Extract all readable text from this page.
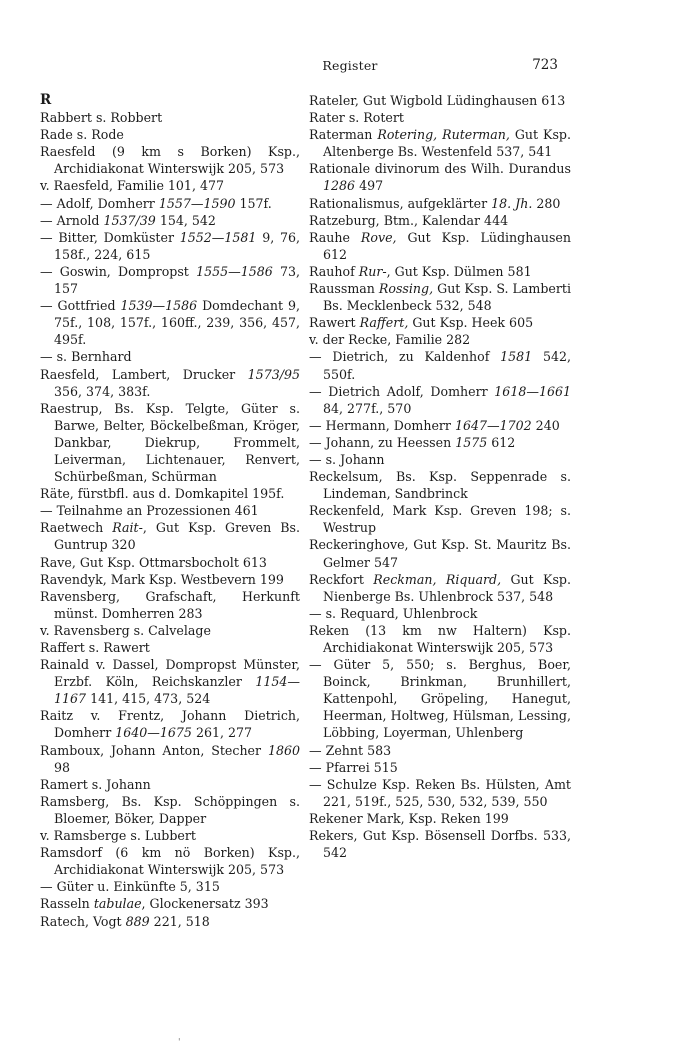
Register	723
R
Rabbert s. Robbert
Rade s. Rode
Raesfeld (9 km s Borken) Ksp., Archidiakonat Winterswijk 205, 573
v. Raesfeld, Familie 101, 477
— Adolf, Domherr 1557—1590 157f.
— Arnold 1537/39 154, 542
— Bitter, Domküster 1552—1581 9, 76, 158f., 224, 615
— Goswin, Dompropst 1555—1586 73, 157
— Gottfried 1539—1586 Domdechant 9, 75f., 108, 157f., 160ff., 239, 356, 457, 495f.
— s. Bernhard
Raesfeld, Lambert, Drucker 1573/95 356, 374, 383f.
Raestrup, Bs. Ksp. Telgte, Güter s. Barwe, Belter, Böckelbeßman, Kröger, Dankbar, Diekrup, Frommelt, Leiverman, Lichtenauer, Renvert, Schürbeßman, Schürman
Räte, fürstbfl. aus d. Domkapitel 195f.
— Teilnahme an Prozessionen 461
Raetwech Rait-, Gut Ksp. Greven Bs. Guntrup 320
Rave, Gut Ksp. Ottmarsbocholt 613
Ravendyk, Mark Ksp. Westbevern 199
Ravensberg, Grafschaft, Herkunft münst. Domherren 283
v. Ravensberg s. Calvelage
Raffert s. Rawert
Rainald v. Dassel, Dompropst Münster, Erzbf. Köln, Reichskanzler 1154—1167 141, 415, 473, 524
Raitz v. Frentz, Johann Dietrich, Domherr 1640—1675 261, 277
Ramboux, Johann Anton, Stecher 1860 98
Ramert s. Johann
Ramsberg, Bs. Ksp. Schöppingen s. Bloemer, Böker, Dapper
v. Ramsberge s. Lubbert
Ramsdorf (6 km nö Borken) Ksp., Archidiakonat Winterswijk 205, 573
— Güter u. Einkünfte 5, 315
Rasseln tabulae, Glockenersatz 393
Ratech, Vogt 889 221, 518
Rateler, Gut Wigbold Lüdinghausen 613
Rater s. Rotert
Raterman Rotering, Ruterman, Gut Ksp. Altenberge Bs. Westenfeld 537, 541
Rationale divinorum des Wilh. Durandus 1286 497
Rationalismus, aufgeklärter 18. Jh. 280
Ratzeburg, Btm., Kalendar 444
Rauhe Rove, Gut Ksp. Lüdinghausen 612
Rauhof Rur-, Gut Ksp. Dülmen 581
Raussman Rossing, Gut Ksp. S. Lamberti Bs. Mecklenbeck 532, 548
Rawert Raffert, Gut Ksp. Heek 605
v. der Recke, Familie 282
— Dietrich, zu Kaldenhof 1581 542, 550f.
— Dietrich Adolf, Domherr 1618—1661 84, 277f., 570
— Hermann, Domherr 1647—1702 240
— Johann, zu Heessen 1575 612
— s. Johann
Reckelsum, Bs. Ksp. Seppenrade s. Lindeman, Sandbrinck
Reckenfeld, Mark Ksp. Greven 198; s. Westrup
Reckeringhove, Gut Ksp. St. Mauritz Bs. Gelmer 547
Reckfort Reckman, Riquard, Gut Ksp. Nienberge Bs. Uhlenbrock 537, 548
— s. Requard, Uhlenbrock
Reken (13 km nw Haltern) Ksp. Archidiakonat Winterswijk 205, 573
— Güter 5, 550; s. Berghus, Boer, Boinck, Brinkman, Brunhillert, Kattenpohl, Gröpeling, Hanegut, Heerman, Holtweg, Hülsman, Lessing, Löbbing, Loyerman, Uhlenberg
— Zehnt 583
— Pfarrei 515
— Schulze Ksp. Reken Bs. Hülsten, Amt 221, 519f., 525, 530, 532, 539, 550
Rekener Mark, Ksp. Reken 199
Rekers, Gut Ksp. Bösensell Dorfbs. 533, 542
'
